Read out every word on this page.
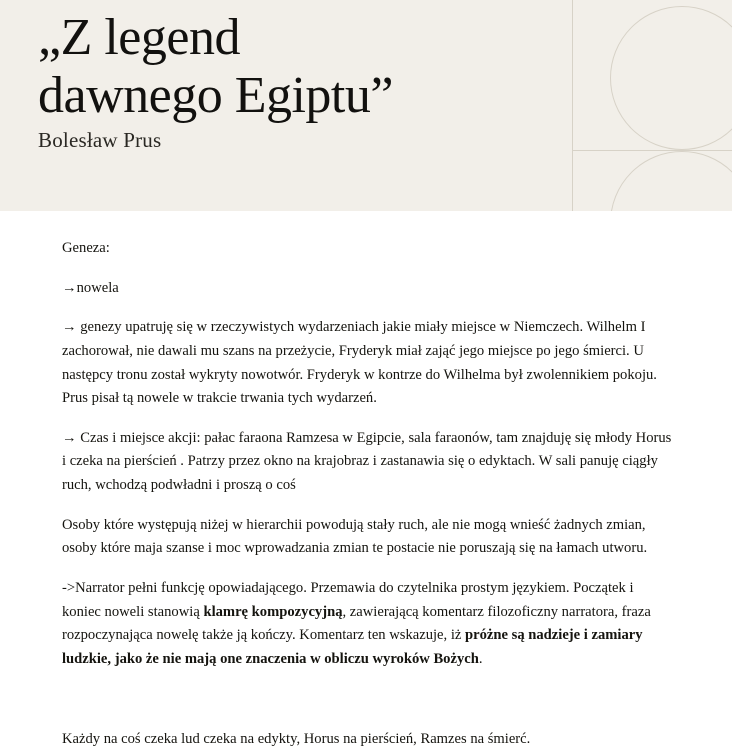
„Z legend
dawnego Egiptu”
Bolesław Prus

Geneza:

→nowela

→ genezy upatruję się w rzeczywistych wydarzeniach jakie miały miejsce w Niemczech. Wilhelm I zachorował, nie dawali mu szans na przeżycie, Fryderyk miał zająć jego miejsce po jego śmierci. U następcy tronu został wykryty nowotwór. Fryderyk w kontrze do Wilhelma był zwolennikiem pokoju. Prus pisał tą nowele w trakcie trwania tych wydarzeń.

→ Czas i miejsce akcji: pałac faraona Ramzesa w Egipcie, sala faraonów, tam znajduję się młody Horus i czeka na pierścień . Patrzy przez okno na krajobraz i zastanawia się o edyktach. W sali panuję ciągły ruch, wchodzą podwładni i proszą o coś

Osoby które występują niżej w hierarchii powodują stały ruch, ale nie mogą wnieść żadnych zmian, osoby które maja szanse i moc wprowadzania zmian te postacie nie poruszają się na łamach utworu.

->Narrator pełni funkcję opowiadającego. Przemawia do czytelnika prostym językiem. Początek i koniec noweli stanowią klamrę kompozycyjną, zawierającą komentarz filozoficzny narratora, fraza rozpoczynająca nowelę także ją kończy. Komentarz ten wskazuje, iż próżne są nadzieje i zamiary ludzkie, jako że nie mają one znaczenia w obliczu wyroków Bożych.

Każdy na coś czeka lud czeka na edykty, Horus na pierścień, Ramzes na śmierć.
